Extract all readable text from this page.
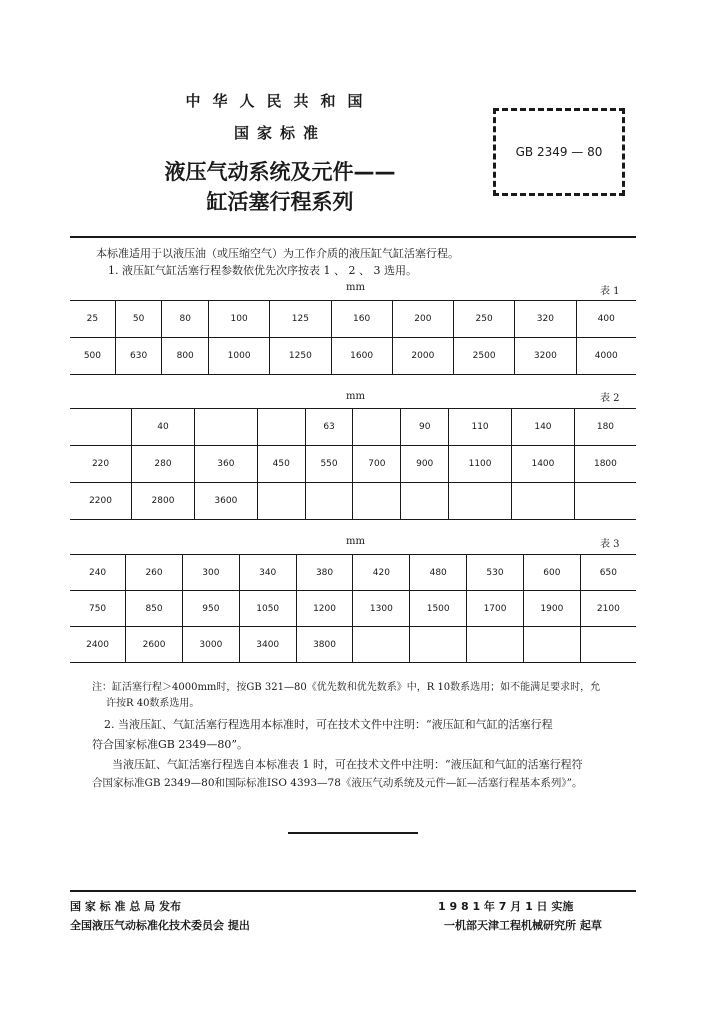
中华人民共和国
国家标准
液压气动系统及元件——
缸活塞行程系列
GB 2349 — 80
本标准适用于以液压油（或压缩空气）为工作介质的液压缸气缸活塞行程。
1. 液压缸气缸活塞行程参数依优先次序按表 1 、 2 、 3 选用。
mm	表 1
25	50	80	100	125	160	200	250	320	400
500	630	800	1000	1250	1600	2000	2500	3200	4000
mm	表 2
	40			63		90	110	140	180
220	280	360	450	550	700	900	1100	1400	1800
2200	2800	3600							
mm	表 3
240	260	300	340	380	420	480	530	600	650
750	850	950	1050	1200	1300	1500	1700	1900	2100
2400	2600	3000	3400	3800					
注：缸活塞行程＞4000mm时，按GB 321—80《优先数和优先数系》中，R 10数系选用；如不能满足要求时，允
许按R 40数系选用。
2. 当液压缸、气缸活塞行程选用本标准时，可在技术文件中注明：“液压缸和气缸的活塞行程
符合国家标准GB 2349—80”。
当液压缸、气缸活塞行程选自本标准表 1 时，可在技术文件中注明：“液压缸和气缸的活塞行程符
合国家标准GB 2349—80和国际标准ISO 4393—78《液压气动系统及元件—缸—活塞行程基本系列》”。
国 家 标 准 总 局 发布	1 9 8 1 年 7 月 1 日 实施
全国液压气动标准化技术委员会 提出	一机部天津工程机械研究所 起草
